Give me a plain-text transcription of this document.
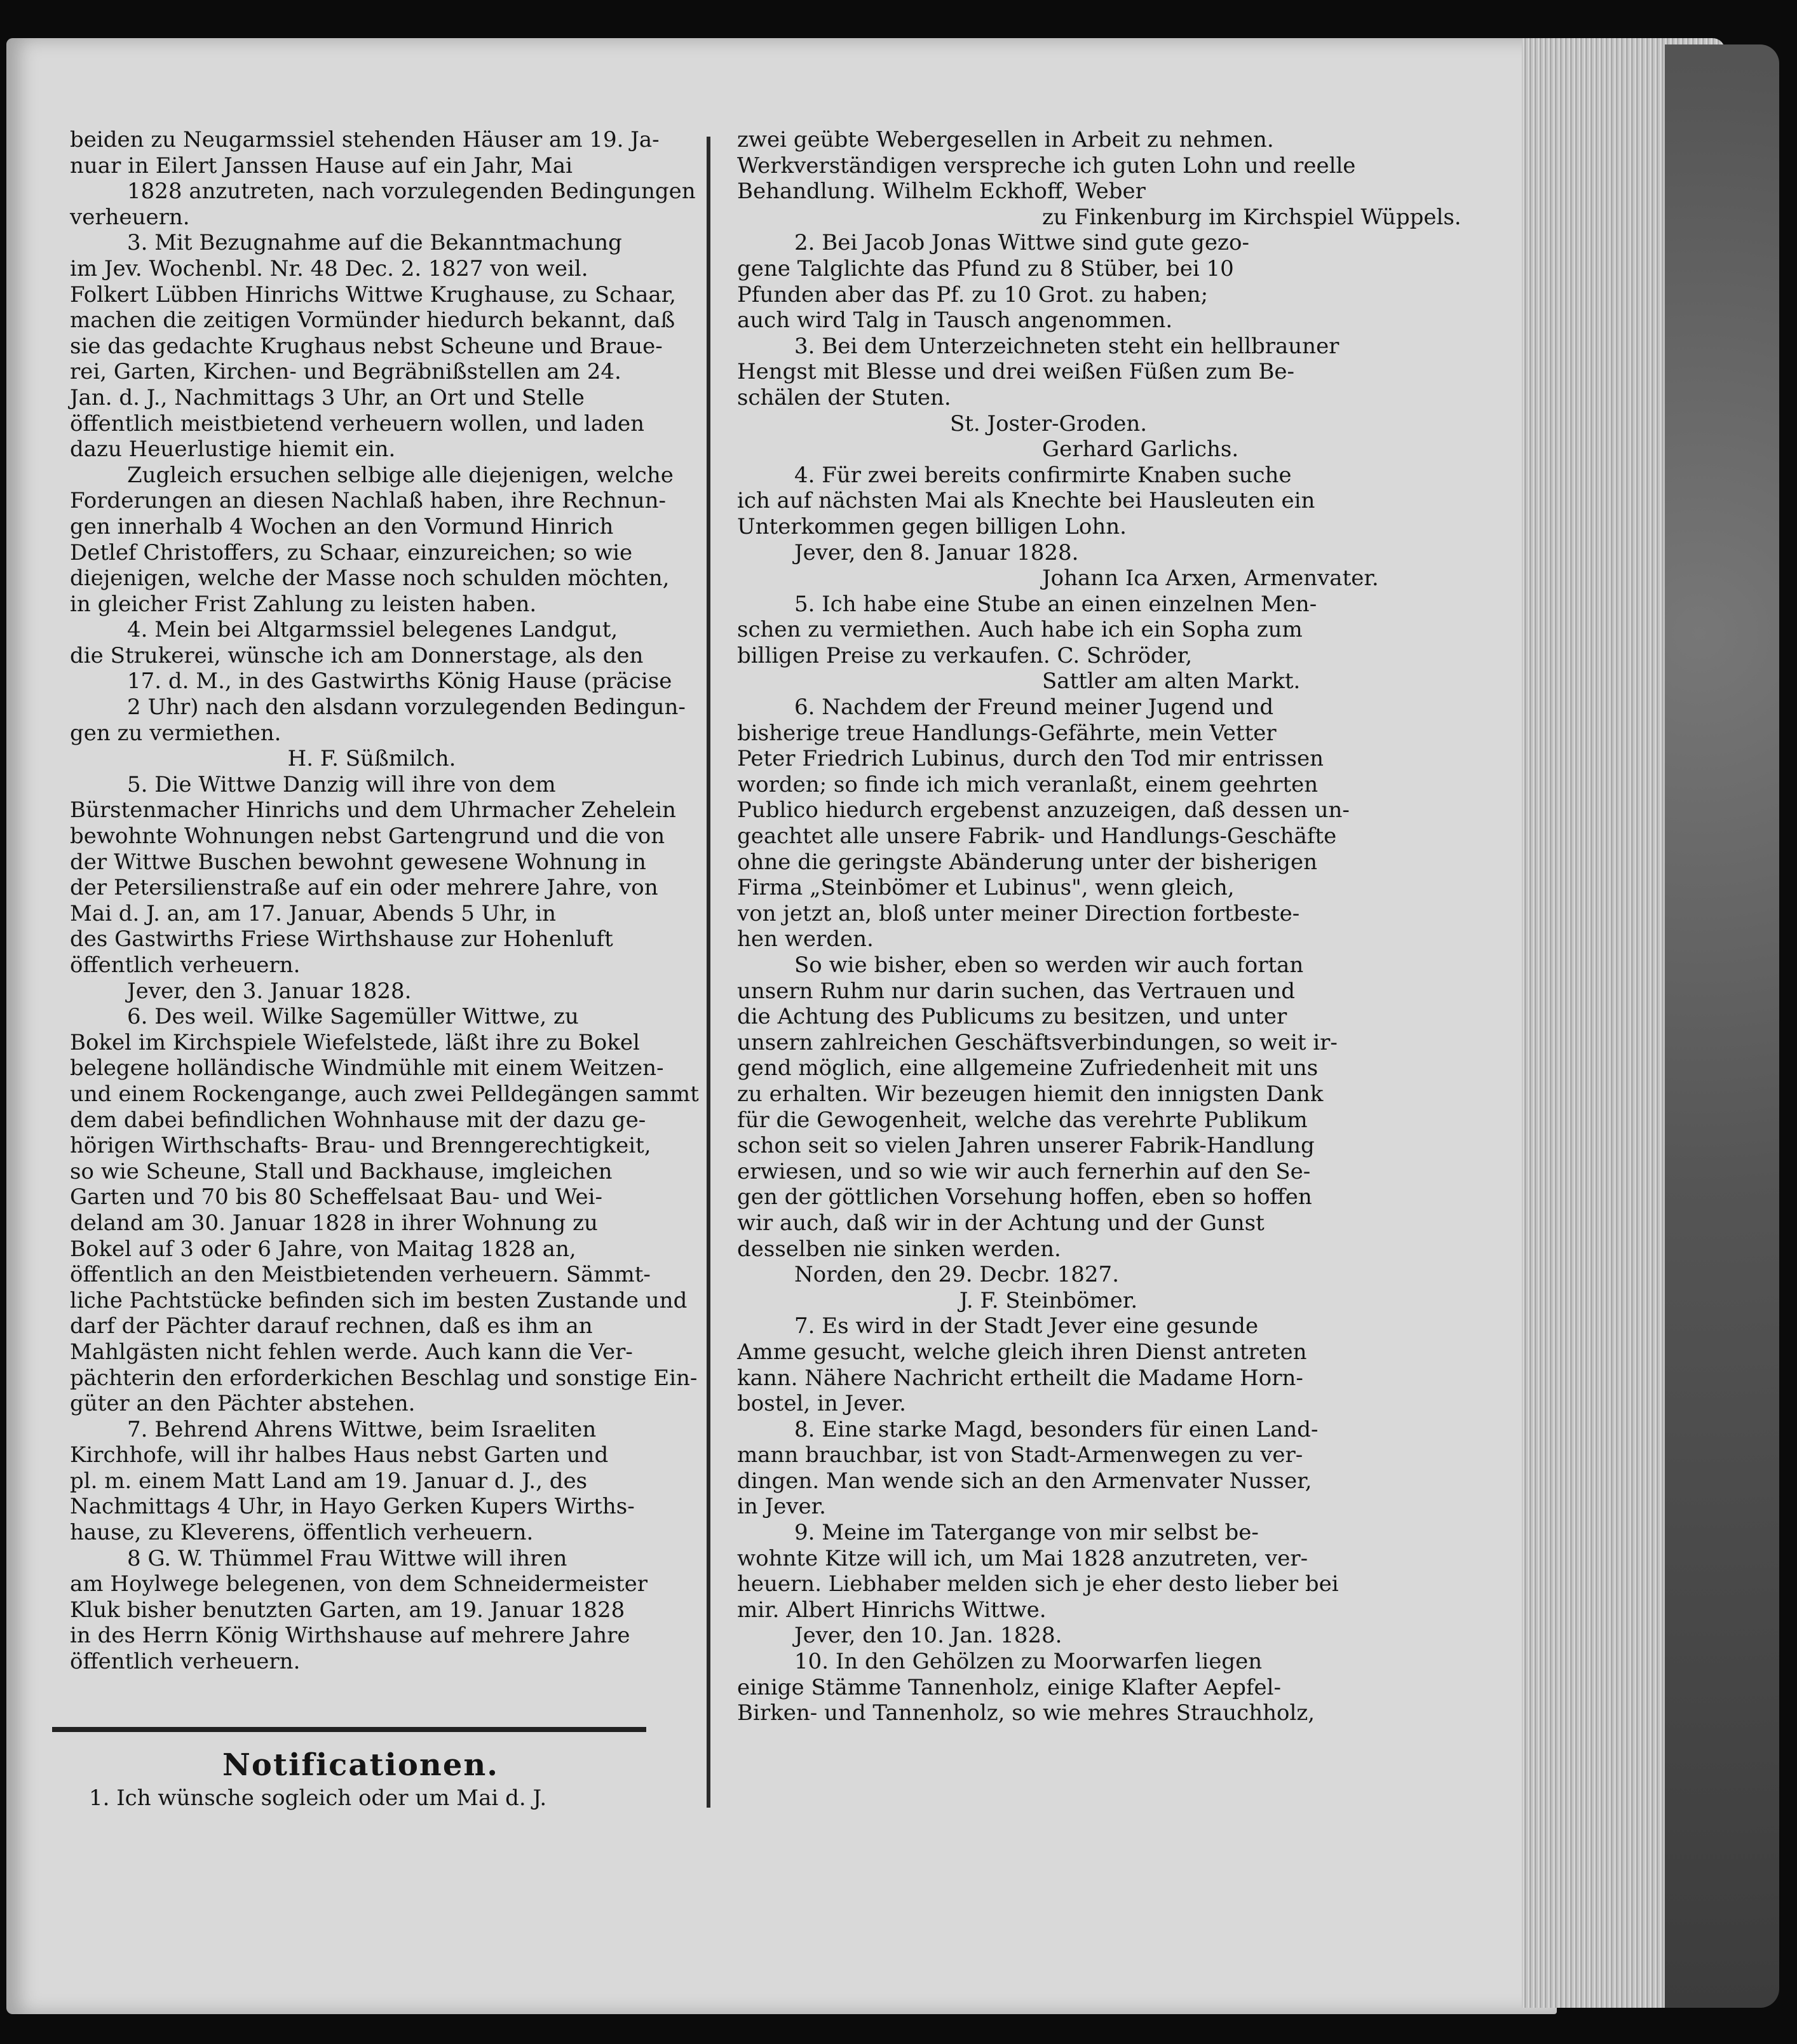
beiden zu Neugarmssiel stehenden Häuser am 19. Ja-
nuar in Eilert Janssen Hause auf ein Jahr, Mai
1828 anzutreten, nach vorzulegenden Bedingungen
verheuern.
3. Mit Bezugnahme auf die Bekanntmachung
im Jev. Wochenbl. Nr. 48 Dec. 2. 1827 von weil.
Folkert Lübben Hinrichs Wittwe Krughause, zu Schaar,
machen die zeitigen Vormünder hiedurch bekannt, daß
sie das gedachte Krughaus nebst Scheune und Braue-
rei, Garten, Kirchen- und Begräbnißstellen am 24.
Jan. d. J., Nachmittags 3 Uhr, an Ort und Stelle
öffentlich meistbietend verheuern wollen, und laden
dazu Heuerlustige hiemit ein.
Zugleich ersuchen selbige alle diejenigen, welche
Forderungen an diesen Nachlaß haben, ihre Rechnun-
gen innerhalb 4 Wochen an den Vormund Hinrich
Detlef Christoffers, zu Schaar, einzureichen; so wie
diejenigen, welche der Masse noch schulden möchten,
in gleicher Frist Zahlung zu leisten haben.
4. Mein bei Altgarmssiel belegenes Landgut,
die Strukerei, wünsche ich am Donnerstage, als den
17. d. M., in des Gastwirths König Hause (präcise
2 Uhr) nach den alsdann vorzulegenden Bedingun-
gen zu vermiethen.
H. F. Süßmilch.
5. Die Wittwe Danzig will ihre von dem
Bürstenmacher Hinrichs und dem Uhrmacher Zehelein
bewohnte Wohnungen nebst Gartengrund und die von
der Wittwe Buschen bewohnt gewesene Wohnung in
der Petersilienstraße auf ein oder mehrere Jahre, von
Mai d. J. an, am 17. Januar, Abends 5 Uhr, in
des Gastwirths Friese Wirthshause zur Hohenluft
öffentlich verheuern.
Jever, den 3. Januar 1828.
6. Des weil. Wilke Sagemüller Wittwe, zu
Bokel im Kirchspiele Wiefelstede, läßt ihre zu Bokel
belegene holländische Windmühle mit einem Weitzen-
und einem Rockengange, auch zwei Pelldegängen sammt
dem dabei befindlichen Wohnhause mit der dazu ge-
hörigen Wirthschafts- Brau- und Brenngerechtigkeit,
so wie Scheune, Stall und Backhause, imgleichen
Garten und 70 bis 80 Scheffelsaat Bau- und Wei-
deland am 30. Januar 1828 in ihrer Wohnung zu
Bokel auf 3 oder 6 Jahre, von Maitag 1828 an,
öffentlich an den Meistbietenden verheuern. Sämmt-
liche Pachtstücke befinden sich im besten Zustande und
darf der Pächter darauf rechnen, daß es ihm an
Mahlgästen nicht fehlen werde. Auch kann die Ver-
pächterin den erforderkichen Beschlag und sonstige Ein-
güter an den Pächter abstehen.
7. Behrend Ahrens Wittwe, beim Israeliten
Kirchhofe, will ihr halbes Haus nebst Garten und
pl. m. einem Matt Land am 19. Januar d. J., des
Nachmittags 4 Uhr, in Hayo Gerken Kupers Wirths-
hause, zu Kleverens, öffentlich verheuern.
8 G. W. Thümmel Frau Wittwe will ihren
am Hoylwege belegenen, von dem Schneidermeister
Kluk bisher benutzten Garten, am 19. Januar 1828
in des Herrn König Wirthshause auf mehrere Jahre
öffentlich verheuern.
zwei geübte Webergesellen in Arbeit zu nehmen.
Werkverständigen verspreche ich guten Lohn und reelle
Behandlung. Wilhelm Eckhoff, Weber
zu Finkenburg im Kirchspiel Wüppels.
2. Bei Jacob Jonas Wittwe sind gute gezo-
gene Talglichte das Pfund zu 8 Stüber, bei 10
Pfunden aber das Pf. zu 10 Grot. zu haben;
auch wird Talg in Tausch angenommen.
3. Bei dem Unterzeichneten steht ein hellbrauner
Hengst mit Blesse und drei weißen Füßen zum Be-
schälen der Stuten.
St. Joster-Groden.
Gerhard Garlichs.
4. Für zwei bereits confirmirte Knaben suche
ich auf nächsten Mai als Knechte bei Hausleuten ein
Unterkommen gegen billigen Lohn.
Jever, den 8. Januar 1828.
Johann Ica Arxen, Armenvater.
5. Ich habe eine Stube an einen einzelnen Men-
schen zu vermiethen. Auch habe ich ein Sopha zum
billigen Preise zu verkaufen. C. Schröder,
Sattler am alten Markt.
6. Nachdem der Freund meiner Jugend und
bisherige treue Handlungs-Gefährte, mein Vetter
Peter Friedrich Lubinus, durch den Tod mir entrissen
worden; so finde ich mich veranlaßt, einem geehrten
Publico hiedurch ergebenst anzuzeigen, daß dessen un-
geachtet alle unsere Fabrik- und Handlungs-Geschäfte
ohne die geringste Abänderung unter der bisherigen
Firma „Steinbömer et Lubinus", wenn gleich,
von jetzt an, bloß unter meiner Direction fortbeste-
hen werden.
So wie bisher, eben so werden wir auch fortan
unsern Ruhm nur darin suchen, das Vertrauen und
die Achtung des Publicums zu besitzen, und unter
unsern zahlreichen Geschäftsverbindungen, so weit ir-
gend möglich, eine allgemeine Zufriedenheit mit uns
zu erhalten. Wir bezeugen hiemit den innigsten Dank
für die Gewogenheit, welche das verehrte Publikum
schon seit so vielen Jahren unserer Fabrik-Handlung
erwiesen, und so wie wir auch fernerhin auf den Se-
gen der göttlichen Vorsehung hoffen, eben so hoffen
wir auch, daß wir in der Achtung und der Gunst
desselben nie sinken werden.
Norden, den 29. Decbr. 1827.
J. F. Steinbömer.
7. Es wird in der Stadt Jever eine gesunde
Amme gesucht, welche gleich ihren Dienst antreten
kann. Nähere Nachricht ertheilt die Madame Horn-
bostel, in Jever.
8. Eine starke Magd, besonders für einen Land-
mann brauchbar, ist von Stadt-Armenwegen zu ver-
dingen. Man wende sich an den Armenvater Nusser,
in Jever.
9. Meine im Tatergange von mir selbst be-
wohnte Kitze will ich, um Mai 1828 anzutreten, ver-
heuern. Liebhaber melden sich je eher desto lieber bei
mir. Albert Hinrichs Wittwe.
Jever, den 10. Jan. 1828.
10. In den Gehölzen zu Moorwarfen liegen
einige Stämme Tannenholz, einige Klafter Aepfel-
Birken- und Tannenholz, so wie mehres Strauchholz,
Notificationen.
1. Ich wünsche sogleich oder um Mai d. J.
